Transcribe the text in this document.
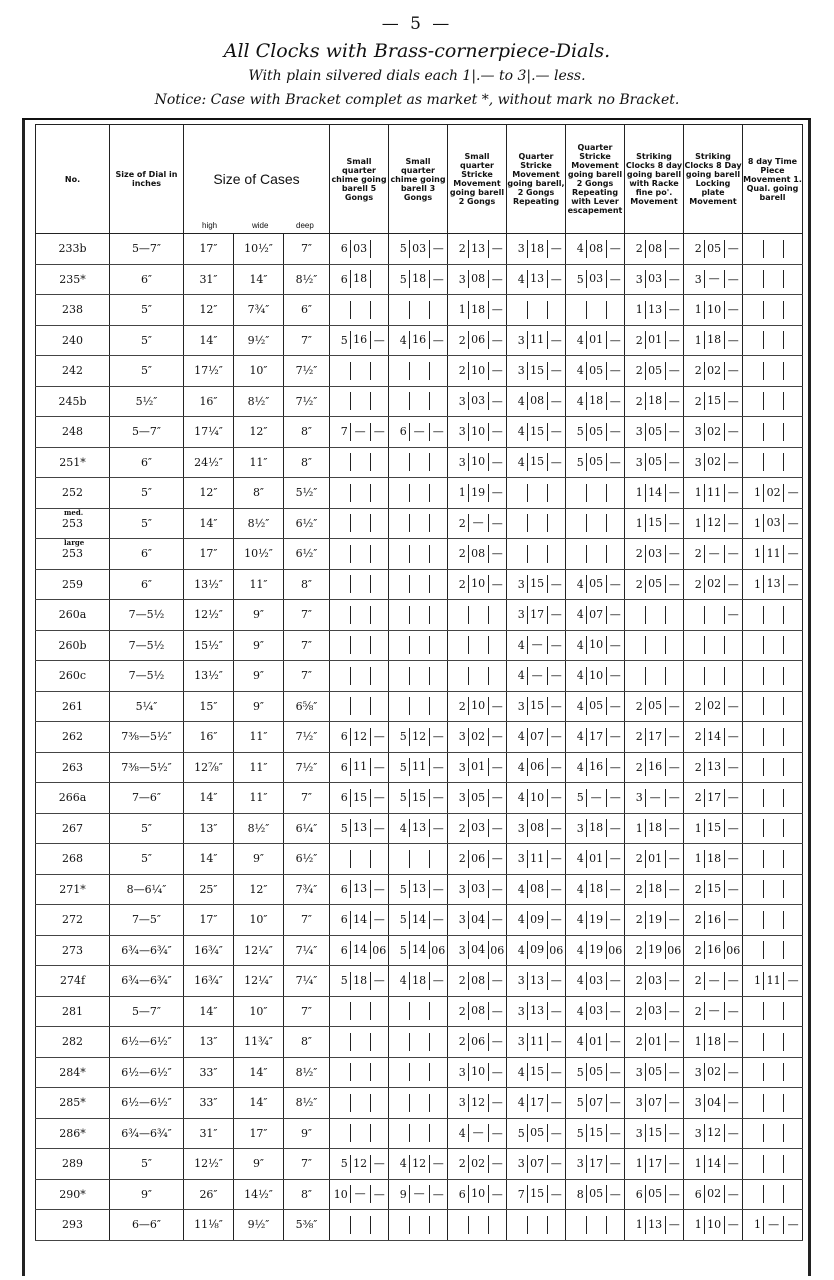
— 5 —
All Clocks with Brass-cornerpiece-Dials.
With plain silvered dials each 1|.— to 3|.— less.
Notice: Case with Bracket complet as market *, without mark no Bracket.
No.	Size of Dial in inches	Size of Cases
high wide deep			Small quarter chime going barell 5 Gongs	Small quarter chime going barell 3 Gongs	Small quarter Stricke Movement going barell 2 Gongs	Quarter Stricke Movement going barell, 2 Gongs Repeating	Quarter Stricke Movement going barell 2 Gongs Repeating with Lever escapement	Striking Clocks 8 day going barell with Racke fine po'. Movement	Striking Clocks 8 Day going barell Locking plate Movement	8 day Time Piece Movement 1. Qual. going barell
233b	5—7″	17″	10½″	7″	6 03	5 03 —	2 13 —	3 18 —	4 08 —	2 08 —	2 05 —	

235*	6″	31″	14″	8½″	6 18	5 18 —	3 08 —	4 13 —	5 03 —	3 03 —	3 — —	

238	5″	12″	7¾″	6″			1 18 —			1 13 —	1 10 —	

240	5″	14″	9½″	7″	5 16 —	4 16 —	2 06 —	3 11 —	4 01 —	2 01 —	1 18 —	

242	5″	17½″	10″	7½″			2 10 —	3 15 —	4 05 —	2 05 —	2 02 —	

245b	5½″	16″	8½″	7½″			3 03 —	4 08 —	4 18 —	2 18 —	2 15 —	

248	5—7″	17¼″	12″	8″	7 — —	6 — —	3 10 —	4 15 —	5 05 —	3 05 —	3 02 —	

251*	6″	24½″	11″	8″			3 10 —	4 15 —	5 05 —	3 05 —	3 02 —	

252	5″	12″	8″	5½″			1 19 —			1 14 —	1 11 —	1 02 —

med.
253	5″	14″	8½″	6½″			2 — —			1 15 —	1 12 —	1 03 —

large
253	6″	17″	10½″	6½″			2 08 —			2 03 —	2 — —	1 11 —

259	6″	13½″	11″	8″			2 10 —	3 15 —	4 05 —	2 05 —	2 02 —	1 13 —

260a	7—5½	12½″	9″	7″				3 17 —	4 07 —		—	

260b	7—5½	15½″	9″	7″				4 — —	4 10 —			

260c	7—5½	13½″	9″	7″				4 — —	4 10 —			

261	5¼″	15″	9″	6⅝″			2 10 —	3 15 —	4 05 —	2 05 —	2 02 —	

262	7⅜—5½″	16″	11″	7½″	6 12 —	5 12 —	3 02 —	4 07 —	4 17 —	2 17 —	2 14 —	

263	7⅜—5½″	12⅞″	11″	7½″	6 11 —	5 11 —	3 01 —	4 06 —	4 16 —	2 16 —	2 13 —	

266a	7—6″	14″	11″	7″	6 15 —	5 15 —	3 05 —	4 10 —	5 — —	3 — —	2 17 —	

267	5″	13″	8½″	6¼″	5 13 —	4 13 —	2 03 —	3 08 —	3 18 —	1 18 —	1 15 —	

268	5″	14″	9″	6½″			2 06 —	3 11 —	4 01 —	2 01 —	1 18 —	

271*	8—6¼″	25″	12″	7¾″	6 13 —	5 13 —	3 03 —	4 08 —	4 18 —	2 18 —	2 15 —	

272	7—5″	17″	10″	7″	6 14 —	5 14 —	3 04 —	4 09 —	4 19 —	2 19 —	2 16 —	

273	6¾—6¾″	16¾″	12¼″	7¼″	6 14 06	5 14 06	3 04 06	4 09 06	4 19 06	2 19 06	2 16 06	

274f	6¾—6¾″	16¾″	12¼″	7¼″	5 18 —	4 18 —	2 08 —	3 13 —	4 03 —	2 03 —	2 — —	1 11 —

281	5—7″	14″	10″	7″			2 08 —	3 13 —	4 03 —	2 03 —	2 — —	

282	6½—6½″	13″	11¾″	8″			2 06 —	3 11 —	4 01 —	2 01 —	1 18 —	

284*	6½—6½″	33″	14″	8½″			3 10 —	4 15 —	5 05 —	3 05 —	3 02 —	

285*	6½—6½″	33″	14″	8½″			3 12 —	4 17 —	5 07 —	3 07 —	3 04 —	

286*	6¾—6¾″	31″	17″	9″			4 — —	5 05 —	5 15 —	3 15 —	3 12 —	

289	5″	12½″	9″	7″	5 12 —	4 12 —	2 02 —	3 07 —	3 17 —	1 17 —	1 14 —	

290*	9″	26″	14½″	8″	10 — —	9 — —	6 10 —	7 15 —	8 05 —	6 05 —	6 02 —	

293	6—6″	11⅛″	9½″	5⅜″						1 13 —	1 10 —	1 — —
